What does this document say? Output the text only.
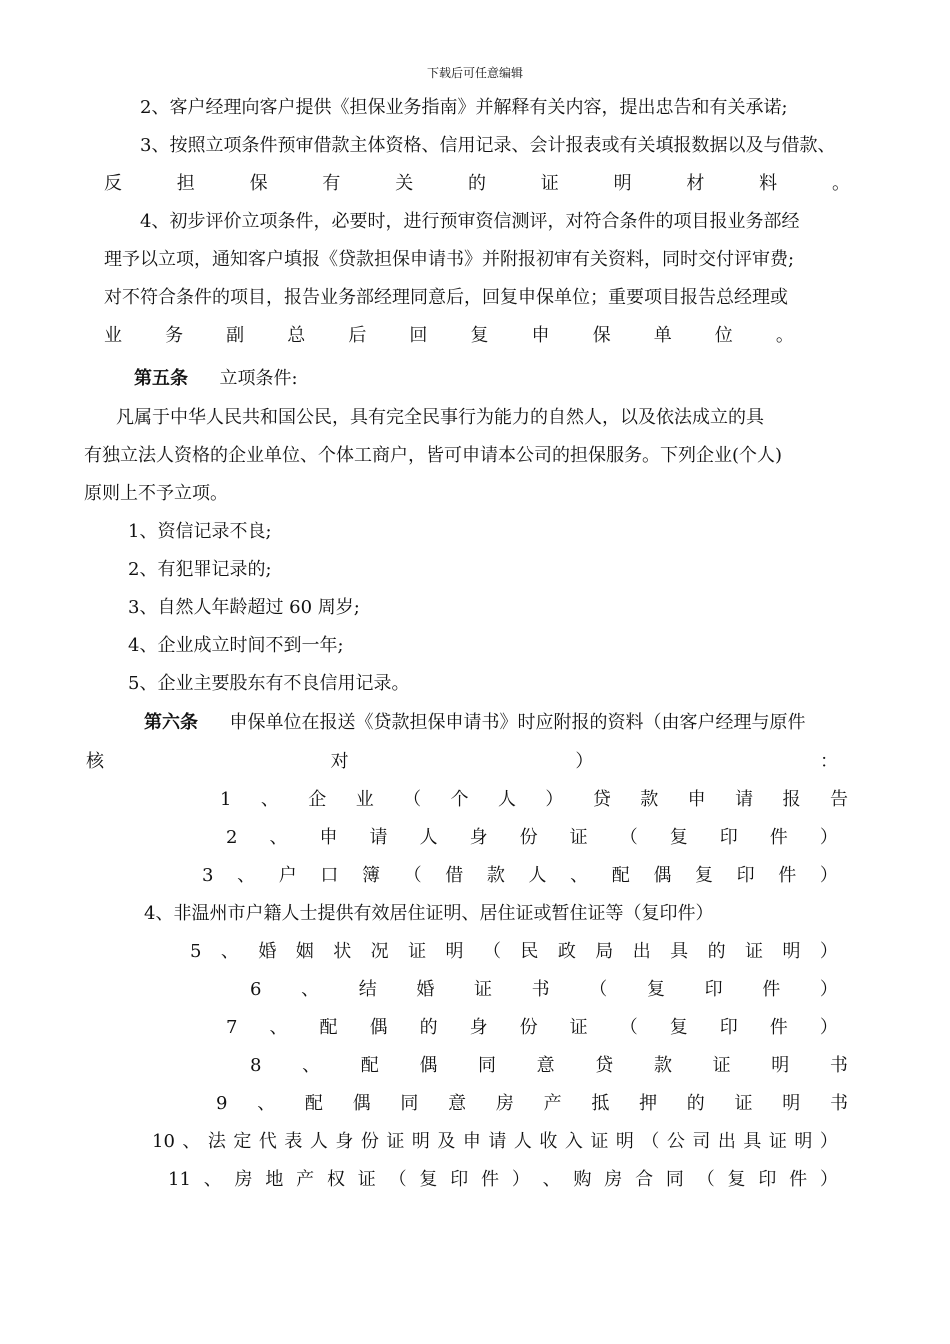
下载后可任意编辑
2、客户经理向客户提供《担保业务指南》并解释有关内容，提出忠告和有关承诺;
3、按照立项条件预审借款主体资格、信用记录、会计报表或有关填报数据以及与借款、
反	担	保	有	关	的	证	明	材	料	。
4、初步评价立项条件，必要时，进行预审资信测评，对符合条件的项目报业务部经
理予以立项，通知客户填报《贷款担保申请书》并附报初审有关资料，同时交付评审费;
对不符合条件的项目，报告业务部经理同意后，回复申保单位；重要项目报告总经理或
业 务 副 总 后 回 复 申 保 单 位 。
第五条 立项条件:
凡属于中华人民共和国公民，具有完全民事行为能力的自然人，以及依法成立的具
有独立法人资格的企业单位、个体工商户，皆可申请本公司的担保服务。下列企业(个人)
原则上不予立项。
1、资信记录不良;
2、有犯罪记录的;
3、自然人年龄超过 60 周岁;
4、企业成立时间不到一年;
5、企业主要股东有不良信用记录。
第六条 申保单位在报送《贷款担保申请书》时应附报的资料（由客户经理与原件
核	对	）	：
1 、 企 业 （ 个 人 ） 贷 款 申 请 报 告
2 、 申 请 人 身 份 证 （ 复 印 件 ）
3 、 户 口 簿 （ 借 款 人 、 配 偶 复 印 件 ）
4、非温州市户籍人士提供有效居住证明、居住证或暂住证等（复印件）
5 、 婚 姻 状 况 证 明 （ 民 政 局 出 具 的 证 明 ）
6 、 结 婚 证 书 （ 复 印 件 ）
7 、 配 偶 的 身 份 证 （ 复 印 件 ）
8 、 配 偶 同 意 贷 款 证 明 书
9 、 配 偶 同 意 房 产 抵 押 的 证 明 书
10 、 法 定 代 表 人 身 份 证 明 及 申 请 人 收 入 证 明 （ 公 司 出 具 证 明 ）
11 、 房 地 产 权 证 （ 复 印 件 ） 、 购 房 合 同 （ 复 印 件 ）
